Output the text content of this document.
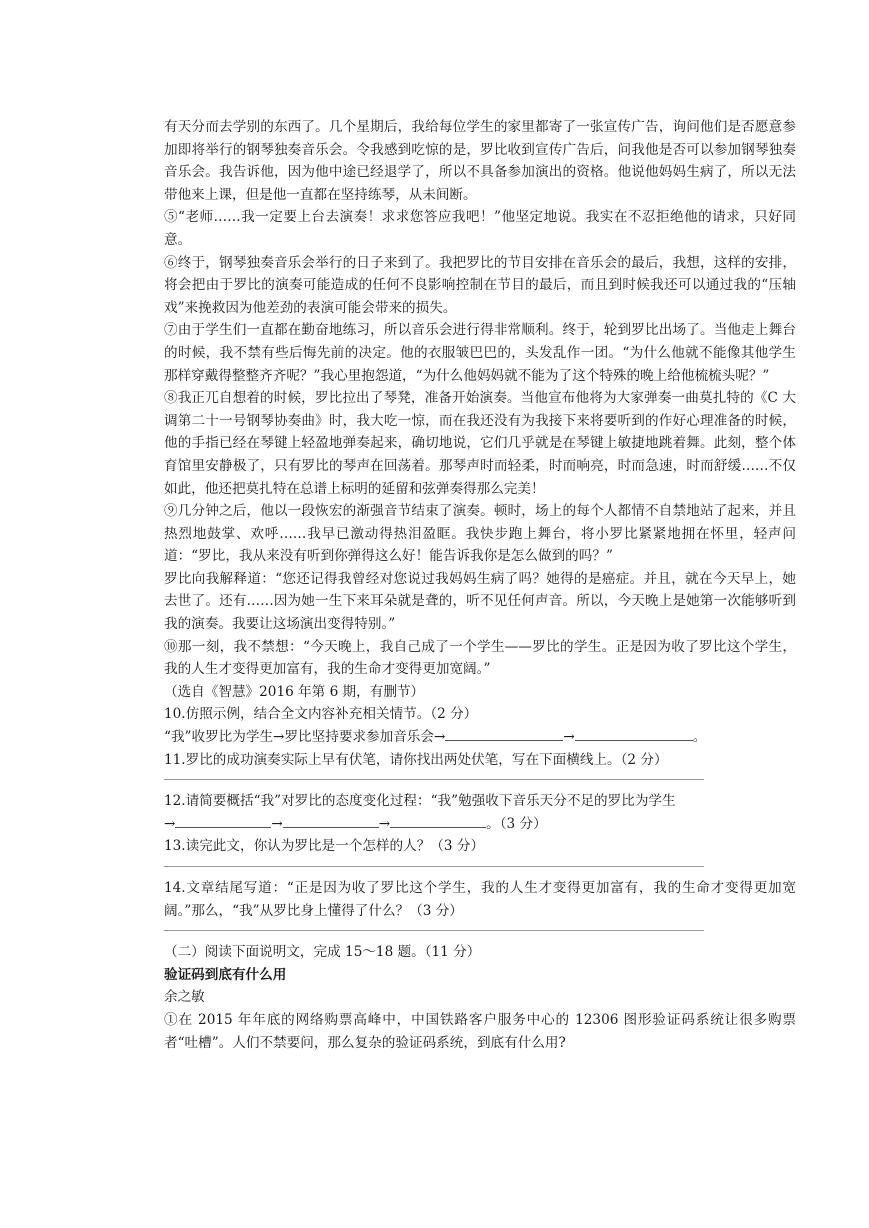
有天分而去学别的东西了。几个星期后，我给每位学生的家里都寄了一张宣传广告，询问他们是否愿意参加即将举行的钢琴独奏音乐会。令我感到吃惊的是，罗比收到宣传广告后，问我他是否可以参加钢琴独奏音乐会。我告诉他，因为他中途已经退学了，所以不具备参加演出的资格。他说他妈妈生病了，所以无法带他来上课，但是他一直都在坚持练琴，从未间断。

⑤“老师……我一定要上台去演奏！求求您答应我吧！”他坚定地说。我实在不忍拒绝他的请求，只好同意。

⑥终于，钢琴独奏音乐会举行的日子来到了。我把罗比的节目安排在音乐会的最后，我想，这样的安排，将会把由于罗比的演奏可能造成的任何不良影响控制在节目的最后，而且到时候我还可以通过我的“压轴戏”来挽救因为他差劲的表演可能会带来的损失。

⑦由于学生们一直都在勤奋地练习，所以音乐会进行得非常顺利。终于，轮到罗比出场了。当他走上舞台的时候，我不禁有些后悔先前的决定。他的衣服皱巴巴的，头发乱作一团。“为什么他就不能像其他学生那样穿戴得整整齐齐呢？”我心里抱怨道，“为什么他妈妈就不能为了这个特殊的晚上给他梳梳头呢？”

⑧我正兀自想着的时候，罗比拉出了琴凳，准备开始演奏。当他宣布他将为大家弹奏一曲莫扎特的《C 大调第二十一号钢琴协奏曲》时，我大吃一惊，而在我还没有为我接下来将要听到的作好心理准备的时候，他的手指已经在琴键上轻盈地弹奏起来，确切地说，它们几乎就是在琴键上敏捷地跳着舞。此刻，整个体育馆里安静极了，只有罗比的琴声在回荡着。那琴声时而轻柔，时而响亮，时而急速，时而舒缓……不仅如此，他还把莫扎特在总谱上标明的延留和弦弹奏得那么完美！

⑨几分钟之后，他以一段恢宏的渐强音节结束了演奏。顿时，场上的每个人都情不自禁地站了起来，并且热烈地鼓掌、欢呼……我早已激动得热泪盈眶。我快步跑上舞台，将小罗比紧紧地拥在怀里，轻声问道：“罗比，我从来没有听到你弹得这么好！能告诉我你是怎么做到的吗？”

罗比向我解释道：“您还记得我曾经对您说过我妈妈生病了吗？她得的是癌症。并且，就在今天早上，她去世了。还有……因为她一生下来耳朵就是聋的，听不见任何声音。所以，今天晚上是她第一次能够听到我的演奏。我要让这场演出变得特别。”

⑩那一刻，我不禁想：“今天晚上，我自己成了一个学生——罗比的学生。正是因为收了罗比这个学生，我的人生才变得更加富有，我的生命才变得更加宽阔。”

（选自《智慧》2016 年第 6 期，有删节）

10.仿照示例，结合全文内容补充相关情节。（2 分）

“我”收罗比为学生→罗比坚持要求参加音乐会→	→	。

11.罗比的成功演奏实际上早有伏笔，请你找出两处伏笔，写在下面横线上。（2 分）

12.请简要概括“我”对罗比的态度变化过程：“我”勉强收下音乐天分不足的罗比为学生

→	→	→	。（3 分）

13.读完此文，你认为罗比是一个怎样的人？（3 分）

14.文章结尾写道：“正是因为收了罗比这个学生，我的人生才变得更加富有，我的生命才变得更加宽阔。”那么，“我”从罗比身上懂得了什么？（3 分）

（二）阅读下面说明文，完成 15～18 题。（11 分）

验证码到底有什么用

余之敏

①在 2015 年年底的网络购票高峰中，中国铁路客户服务中心的 12306 图形验证码系统让很多购票者“吐槽”。人们不禁要问，那么复杂的验证码系统，到底有什么用?
